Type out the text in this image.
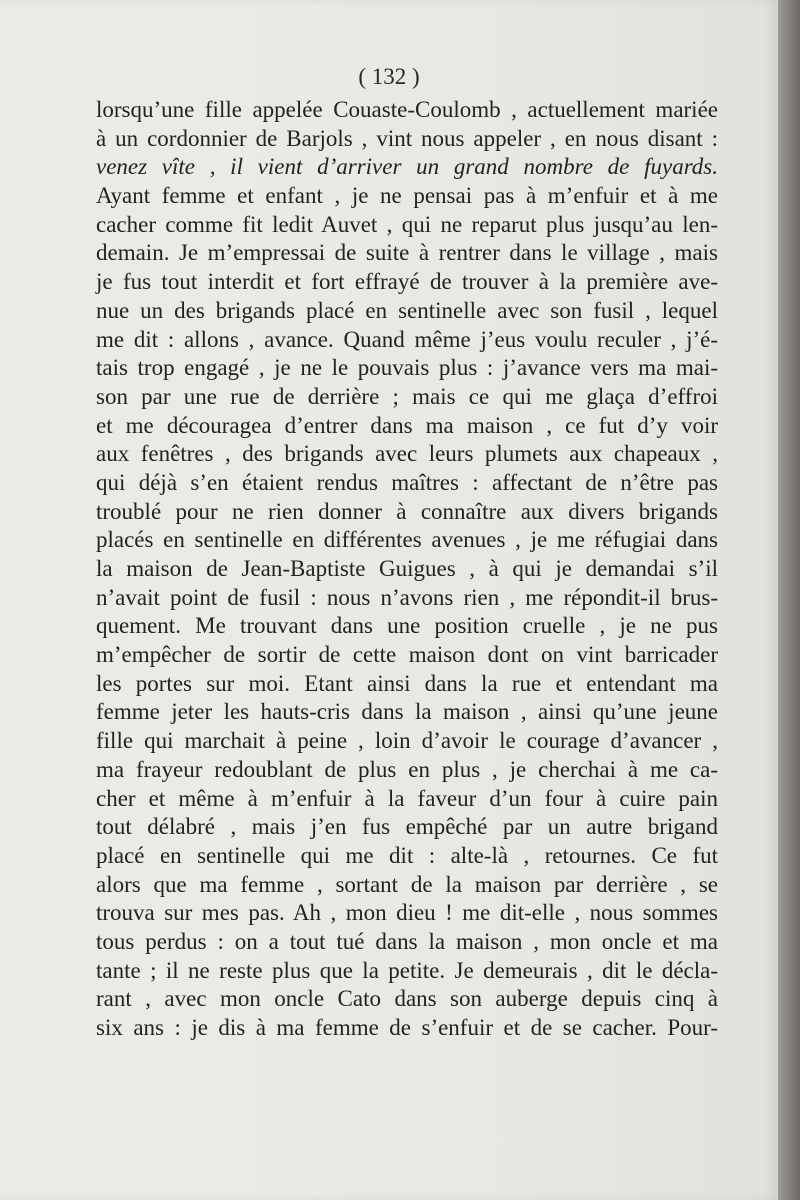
( 132 )
lorsqu’une fille appelée Couaste-Coulomb , actuellement mariée
à un cordonnier de Barjols , vint nous appeler , en nous disant :
venez vîte , il vient d’arriver un grand nombre de fuyards.
Ayant femme et enfant , je ne pensai pas à m’enfuir et à me
cacher comme fit ledit Auvet , qui ne reparut plus jusqu’au len-
demain. Je m’empressai de suite à rentrer dans le village , mais
je fus tout interdit et fort effrayé de trouver à la première ave-
nue un des brigands placé en sentinelle avec son fusil , lequel
me dit : allons , avance. Quand même j’eus voulu reculer , j’é-
tais trop engagé , je ne le pouvais plus : j’avance vers ma mai-
son par une rue de derrière ; mais ce qui me glaça d’effroi
et me découragea d’entrer dans ma maison , ce fut d’y voir
aux fenêtres , des brigands avec leurs plumets aux chapeaux ,
qui déjà s’en étaient rendus maîtres : affectant de n’être pas
troublé pour ne rien donner à connaître aux divers brigands
placés en sentinelle en différentes avenues , je me réfugiai dans
la maison de Jean-Baptiste Guigues , à qui je demandai s’il
n’avait point de fusil : nous n’avons rien , me répondit-il brus-
quement. Me trouvant dans une position cruelle , je ne pus
m’empêcher de sortir de cette maison dont on vint barricader
les portes sur moi. Etant ainsi dans la rue et entendant ma
femme jeter les hauts-cris dans la maison , ainsi qu’une jeune
fille qui marchait à peine , loin d’avoir le courage d’avancer ,
ma frayeur redoublant de plus en plus , je cherchai à me ca-
cher et même à m’enfuir à la faveur d’un four à cuire pain
tout délabré , mais j’en fus empêché par un autre brigand
placé en sentinelle qui me dit : alte-là , retournes. Ce fut
alors que ma femme , sortant de la maison par derrière , se
trouva sur mes pas. Ah , mon dieu ! me dit-elle , nous sommes
tous perdus : on a tout tué dans la maison , mon oncle et ma
tante ; il ne reste plus que la petite. Je demeurais , dit le décla-
rant , avec mon oncle Cato dans son auberge depuis cinq à
six ans : je dis à ma femme de s’enfuir et de se cacher. Pour-
